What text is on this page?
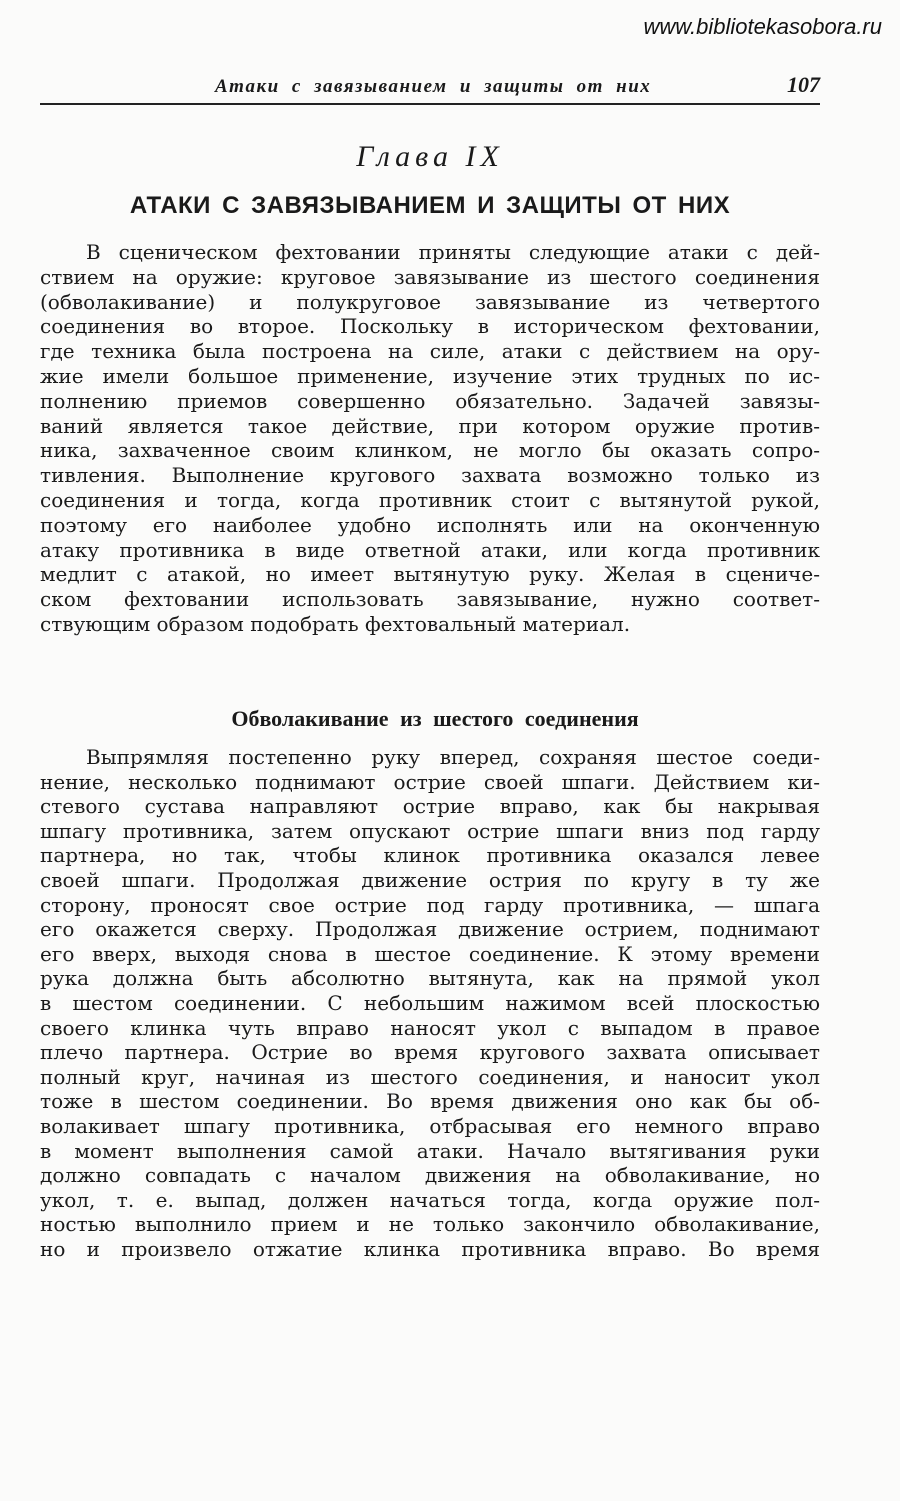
www.bibliotekasobora.ru
Атаки с завязыванием и защиты от них	107
Глава IX
АТАКИ С ЗАВЯЗЫВАНИЕМ И ЗАЩИТЫ ОТ НИХ
В сценическом фехтовании приняты следующие атаки с дей-
ствием на оружие: круговое завязывание из шестого соединения
(обволакивание) и полукруговое завязывание из четвертого
соединения во второе. Поскольку в историческом фехтовании,
где техника была построена на силе, атаки с действием на ору-
жие имели большое применение, изучение этих трудных по ис-
полнению приемов совершенно обязательно. Задачей завязы-
ваний является такое действие, при котором оружие против-
ника, захваченное своим клинком, не могло бы оказать сопро-
тивления. Выполнение кругового захвата возможно только из
соединения и тогда, когда противник стоит с вытянутой рукой,
поэтому его наиболее удобно исполнять или на оконченную
атаку противника в виде ответной атаки, или когда противник
медлит с атакой, но имеет вытянутую руку. Желая в сцениче-
ском фехтовании использовать завязывание, нужно соответ-
ствующим образом подобрать фехтовальный материал.
Обволакивание из шестого соединения
Выпрямляя постепенно руку вперед, сохраняя шестое соеди-
нение, несколько поднимают острие своей шпаги. Действием ки-
стевого сустава направляют острие вправо, как бы накрывая
шпагу противника, затем опускают острие шпаги вниз под гарду
партнера, но так, чтобы клинок противника оказался левее
своей шпаги. Продолжая движение острия по кругу в ту же
сторону, проносят свое острие под гарду противника, — шпага
его окажется сверху. Продолжая движение острием, поднимают
его вверх, выходя снова в шестое соединение. К этому времени
рука должна быть абсолютно вытянута, как на прямой укол
в шестом соединении. С небольшим нажимом всей плоскостью
своего клинка чуть вправо наносят укол с выпадом в правое
плечо партнера. Острие во время кругового захвата описывает
полный круг, начиная из шестого соединения, и наносит укол
тоже в шестом соединении. Во время движения оно как бы об-
волакивает шпагу противника, отбрасывая его немного вправо
в момент выполнения самой атаки. Начало вытягивания руки
должно совпадать с началом движения на обволакивание, но
укол, т. е. выпад, должен начаться тогда, когда оружие пол-
ностью выполнило прием и не только закончило обволакивание,
но и произвело отжатие клинка противника вправо. Во время
